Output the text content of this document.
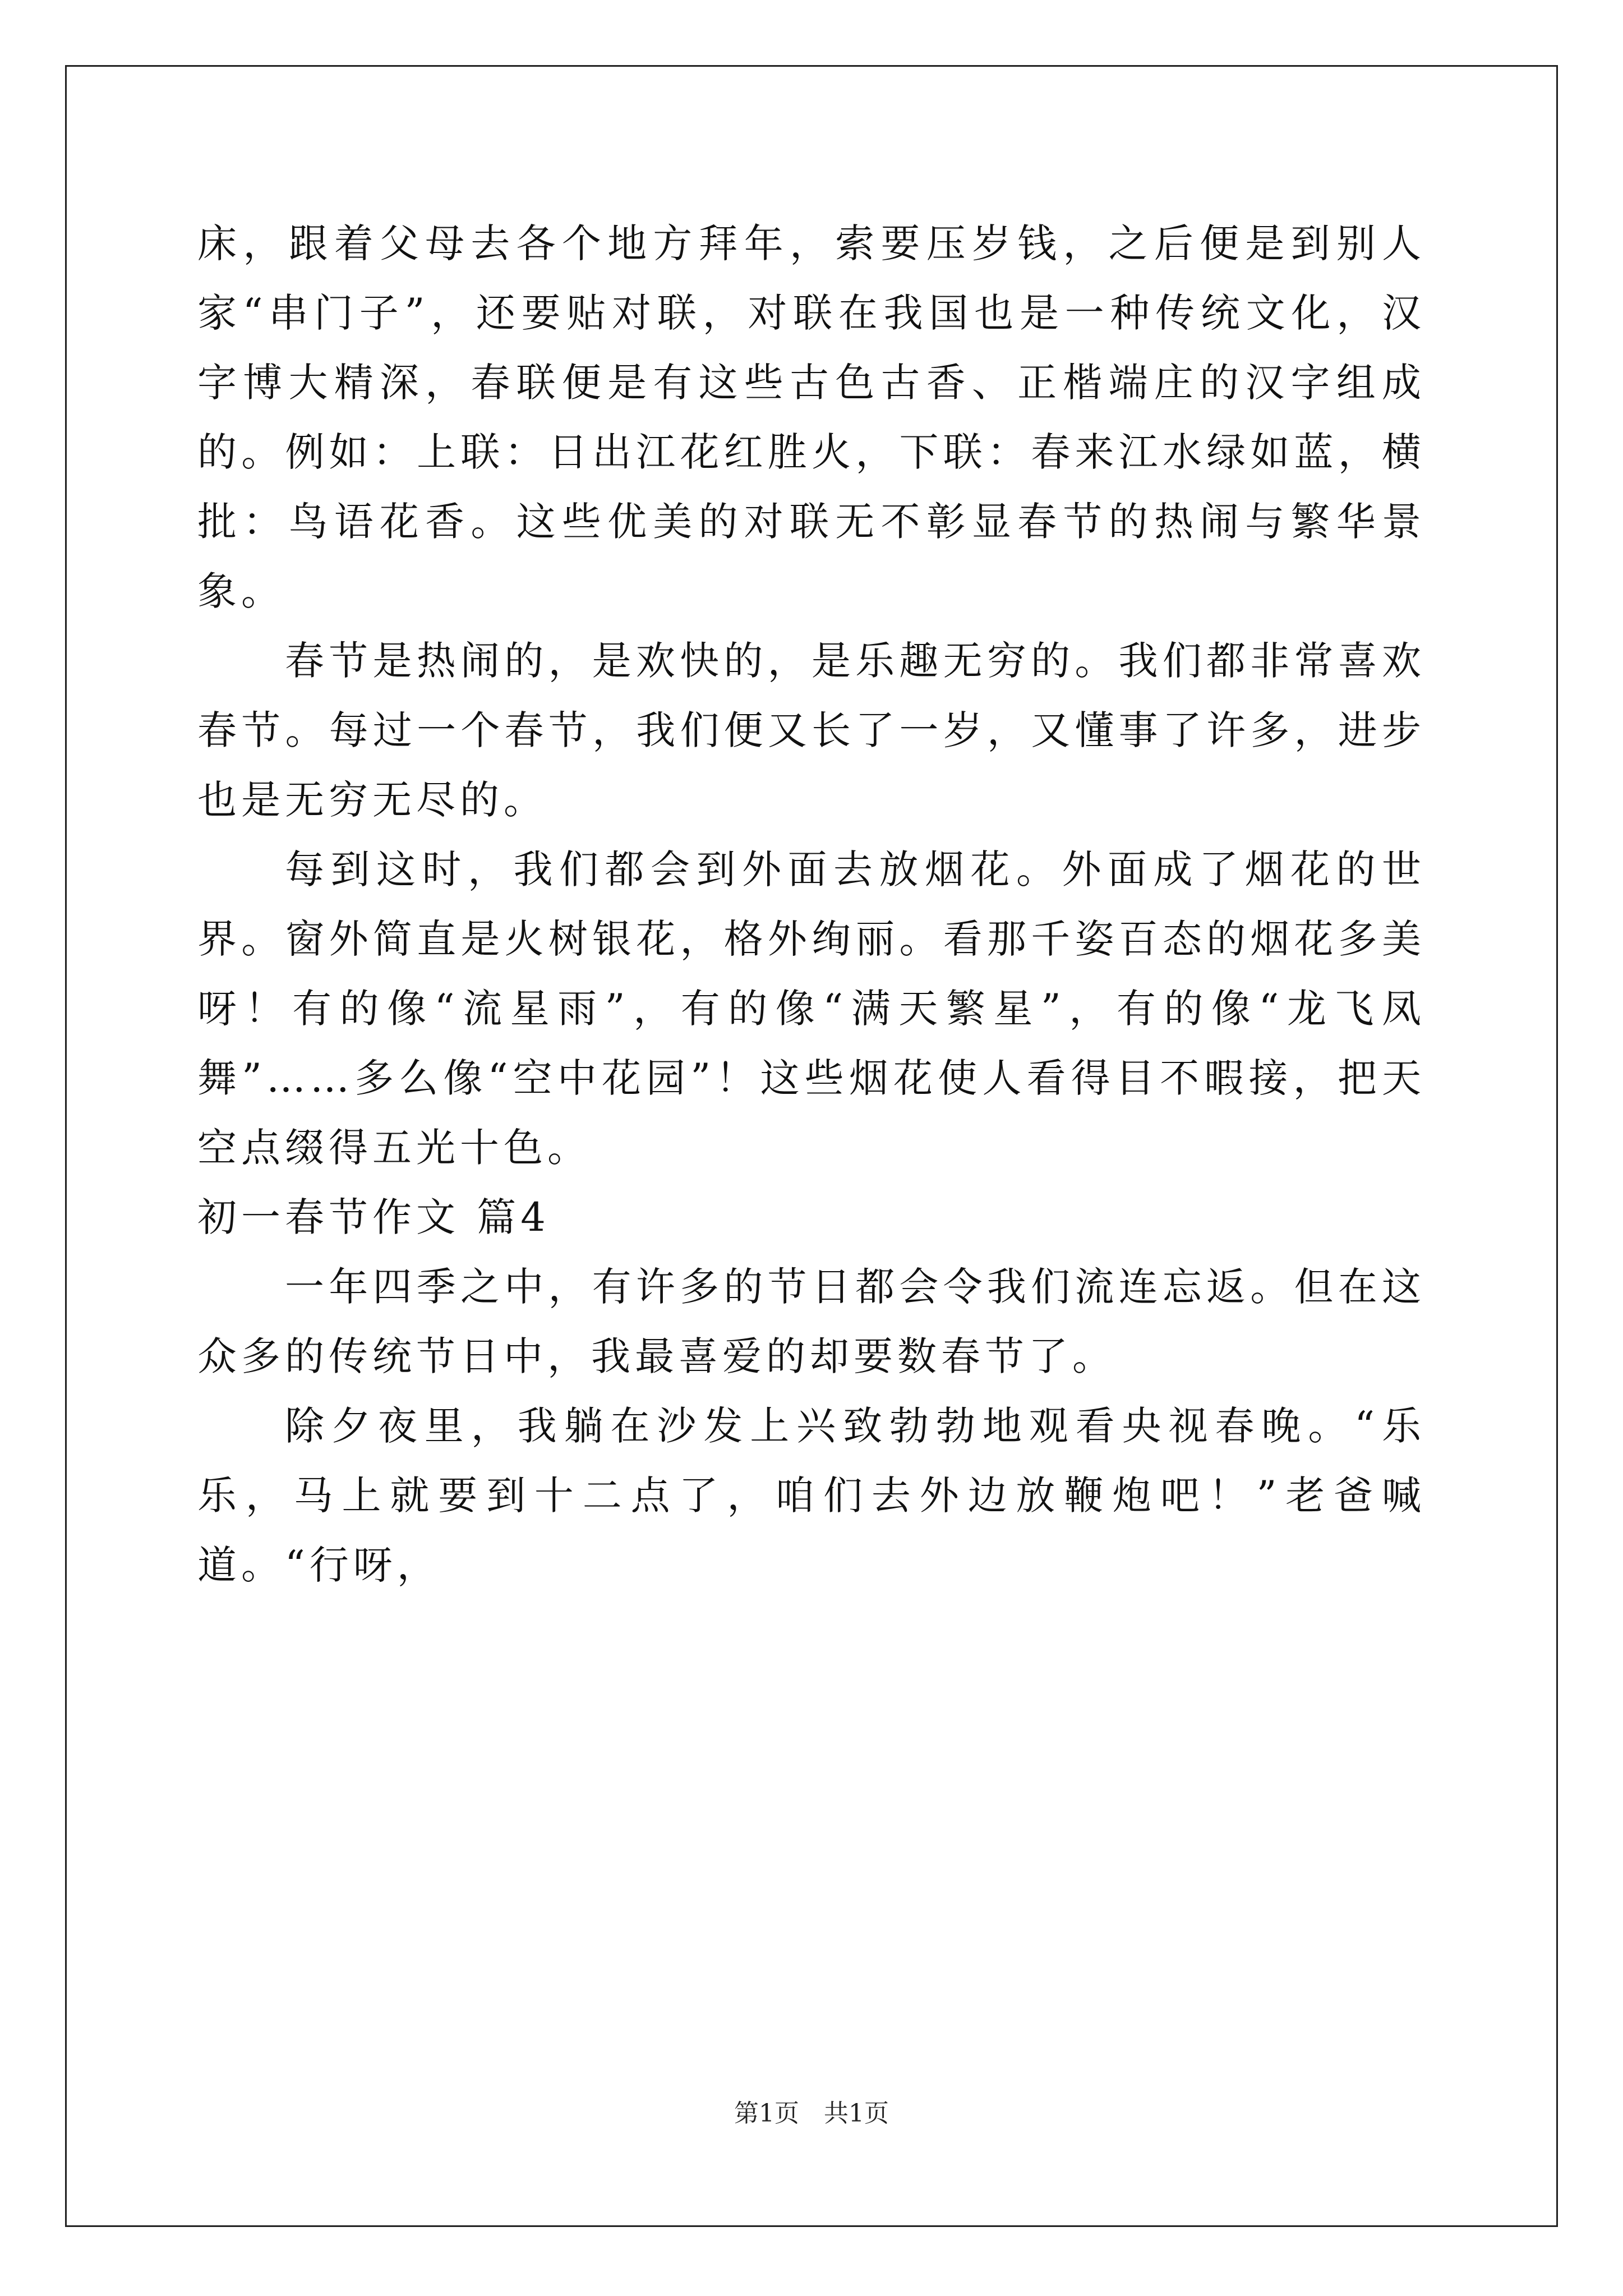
床，跟着父母去各个地方拜年，索要压岁钱，之后便是到别人家“串门子”，还要贴对联，对联在我国也是一种传统文化，汉字博大精深，春联便是有这些古色古香、正楷端庄的汉字组成的。例如：上联：日出江花红胜火，下联：春来江水绿如蓝，横批：鸟语花香。这些优美的对联无不彰显春节的热闹与繁华景象。

春节是热闹的，是欢快的，是乐趣无穷的。我们都非常喜欢春节。每过一个春节，我们便又长了一岁，又懂事了许多，进步也是无穷无尽的。

每到这时，我们都会到外面去放烟花。外面成了烟花的世界。窗外简直是火树银花，格外绚丽。看那千姿百态的烟花多美呀！有的像“流星雨”，有的像“满天繁星”，有的像“龙飞凤舞”……多么像“空中花园”！这些烟花使人看得目不暇接，把天空点缀得五光十色。

初一春节作文 篇4

一年四季之中，有许多的节日都会令我们流连忘返。但在这众多的传统节日中，我最喜爱的却要数春节了。

除夕夜里，我躺在沙发上兴致勃勃地观看央视春晚。“乐乐，马上就要到十二点了，咱们去外边放鞭炮吧！”老爸喊道。“行呀，

第1页 共1页
